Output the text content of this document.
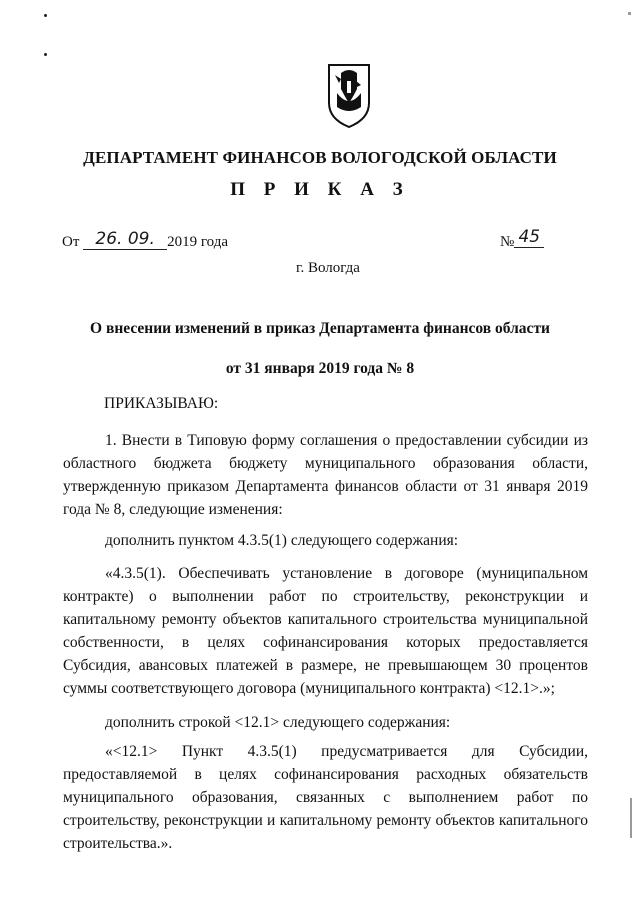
ДЕПАРТАМЕНТ ФИНАНСОВ ВОЛОГОДСКОЙ ОБЛАСТИ
П Р И К А З
От 26. 09. 2019 года	№ 45
г. Вологда
О внесении изменений в приказ Департамента финансов области
от 31 января 2019 года № 8
ПРИКАЗЫВАЮ:

1. Внести в Типовую форму соглашения о предоставлении субсидии из областного бюджета бюджету муниципального образования области, утвержденную приказом Департамента финансов области от 31 января 2019 года № 8, следующие изменения:

дополнить пунктом 4.3.5(1) следующего содержания:

«4.3.5(1). Обеспечивать установление в договоре (муниципальном контракте) о выполнении работ по строительству, реконструкции и капитальному ремонту объектов капитального строительства муниципальной собственности, в целях софинансирования которых предоставляется Субсидия, авансовых платежей в размере, не превышающем 30 процентов суммы соответствующего договора (муниципального контракта) <12.1>.»;

дополнить строкой <12.1> следующего содержания:

«<12.1> Пункт 4.3.5(1) предусматривается для Субсидии, предоставляемой в целях софинансирования расходных обязательств муниципального образования, связанных с выполнением работ по строительству, реконструкции и капитальному ремонту объектов капитального строительства.».
